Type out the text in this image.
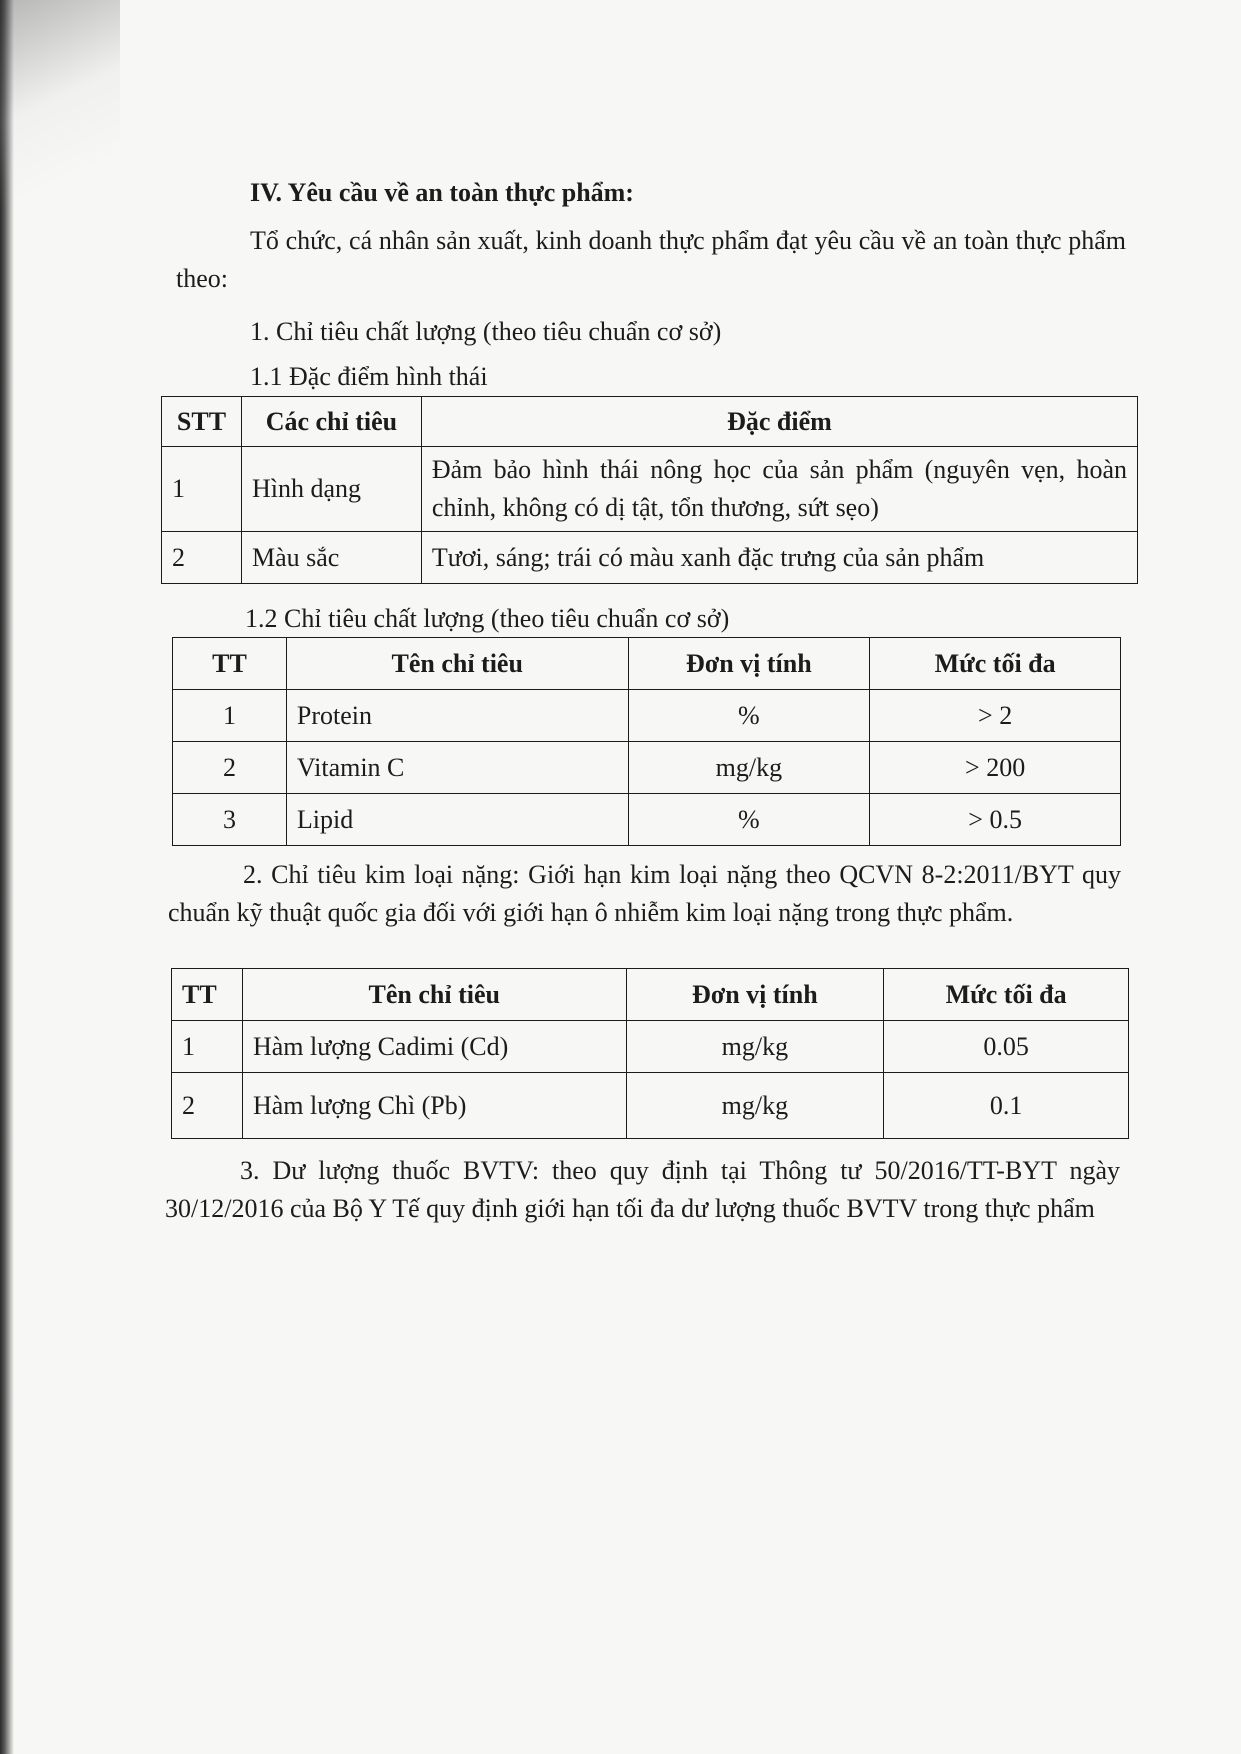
IV. Yêu cầu về an toàn thực phẩm:
Tổ chức, cá nhân sản xuất, kinh doanh thực phẩm đạt yêu cầu về an toàn thực phẩm theo:
1. Chỉ tiêu chất lượng (theo tiêu chuẩn cơ sở)
1.1 Đặc điểm hình thái
STT	Các chỉ tiêu	Đặc điểm
1	Hình dạng	Đảm bảo hình thái nông học của sản phẩm (nguyên vẹn, hoàn chỉnh, không có dị tật, tổn thương, sứt sẹo)
2	Màu sắc	Tươi, sáng; trái có màu xanh đặc trưng của sản phẩm
1.2 Chỉ tiêu chất lượng (theo tiêu chuẩn cơ sở)
TT	Tên chỉ tiêu	Đơn vị tính	Mức tối đa
1	Protein	%	> 2
2	Vitamin C	mg/kg	> 200
3	Lipid	%	> 0.5
2. Chỉ tiêu kim loại nặng: Giới hạn kim loại nặng theo QCVN 8-2:2011/BYT quy chuẩn kỹ thuật quốc gia đối với giới hạn ô nhiễm kim loại nặng trong thực phẩm.
TT	Tên chỉ tiêu	Đơn vị tính	Mức tối đa
1	Hàm lượng Cadimi (Cd)	mg/kg	0.05
2	Hàm lượng Chì (Pb)	mg/kg	0.1
3. Dư lượng thuốc BVTV: theo quy định tại Thông tư 50/2016/TT-BYT ngày 30/12/2016 của Bộ Y Tế quy định giới hạn tối đa dư lượng thuốc BVTV trong thực phẩm
